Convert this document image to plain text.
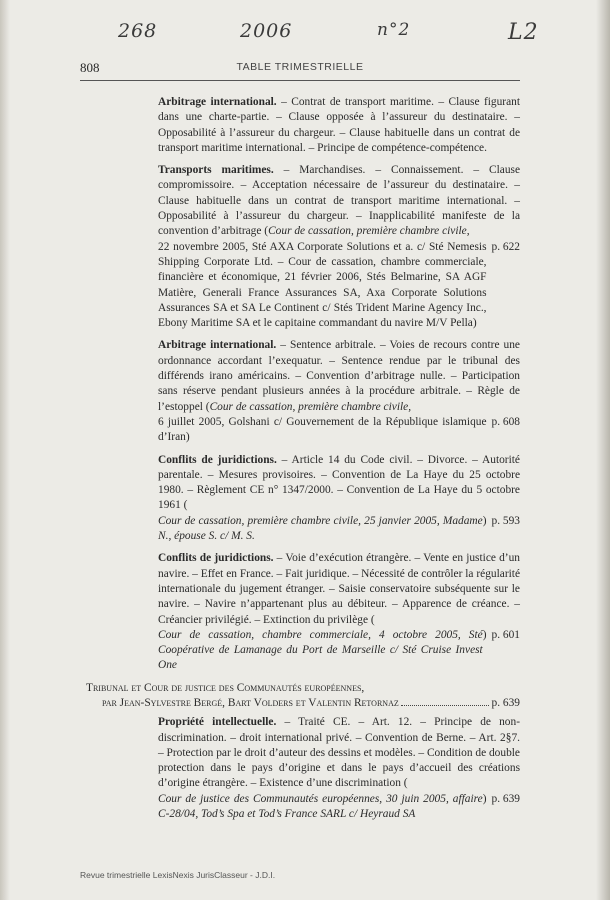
268	2006	n°2	L2
808	TABLE TRIMESTRIELLE

Arbitrage international. – Contrat de transport maritime. – Clause figurant dans une charte-partie. – Clause opposée à l’assureur du destinataire. – Opposabilité à l’assureur du chargeur. – Clause habituelle dans un contrat de transport maritime international. – Principe de compétence-compétence.

Transports maritimes. – Marchandises. – Connaissement. – Clause compromissoire. – Acceptation nécessaire de l’assureur du destinataire. – Clause habituelle dans un contrat de transport maritime international. – Opposabilité à l’assureur du chargeur. – Inapplicabilité manifeste de la convention d’arbitrage (Cour de cassation, première chambre civile,

22 novembre 2005, Sté AXA Corporate Solutions et a. c/ Sté Nemesis Shipping Corporate Ltd. – Cour de cassation, chambre commerciale, financière et économique, 21 février 2006, Stés Belmarine, SA AGF Matière, Generali France Assurances SA, Axa Corporate Solutions Assurances SA et SA Le Continent c/ Stés Trident Marine Agency Inc., Ebony Maritime SA et le capitaine commandant du navire M/V Pella)
p. 622

Arbitrage international. – Sentence arbitrale. – Voies de recours contre une ordonnance accordant l’exequatur. – Sentence rendue par le tribunal des différends irano américains. – Convention d’arbitrage nulle. – Participation sans réserve pendant plusieurs années à la procédure arbitrale. – Règle de l’estoppel (Cour de cassation, première chambre civile,

6 juillet 2005, Golshani c/ Gouvernement de la République islamique d’Iran)
p. 608

Conflits de juridictions. – Article 14 du Code civil. – Divorce. – Autorité parentale. – Mesures provisoires. – Convention de La Haye du 25 octobre 1980. – Règlement CE n° 1347/2000. – Convention de La Haye du 5 octobre 1961 (

Cour de cassation, première chambre civile, 25 janvier 2005, Madame N., épouse S. c/ M. S.
) p. 593

Conflits de juridictions. – Voie d’exécution étrangère. – Vente en justice d’un navire. – Effet en France. – Fait juridique. – Nécessité de contrôler la régularité internationale du jugement étranger. – Saisie conservatoire subséquente sur le navire. – Navire n’appartenant plus au débiteur. – Apparence de créance. – Créancier privilégié. – Extinction du privilège (

Cour de cassation, chambre commerciale, 4 octobre 2005, Sté Coopérative de Lamanage du Port de Marseille c/ Sté Cruise Invest One
) p. 601
Tribunal et Cour de justice des Communautés européennes,
par Jean-Sylvestre Bergé, Bart Volders et Valentin Retornaz	p. 639

Propriété intellectuelle. – Traité CE. – Art. 12. – Principe de non-discrimination. – droit international privé. – Convention de Berne. – Art. 2§7. – Protection par le droit d’auteur des dessins et modèles. – Condition de double protection dans le pays d’origine et dans le pays d’accueil des créations d’origine étrangère. – Existence d’une discrimination (

Cour de justice des Communautés européennes, 30 juin 2005, affaire C-28/04, Tod’s Spa et Tod’s France SARL c/ Heyraud SA
) p. 639
Revue trimestrielle LexisNexis JurisClasseur - J.D.I.
